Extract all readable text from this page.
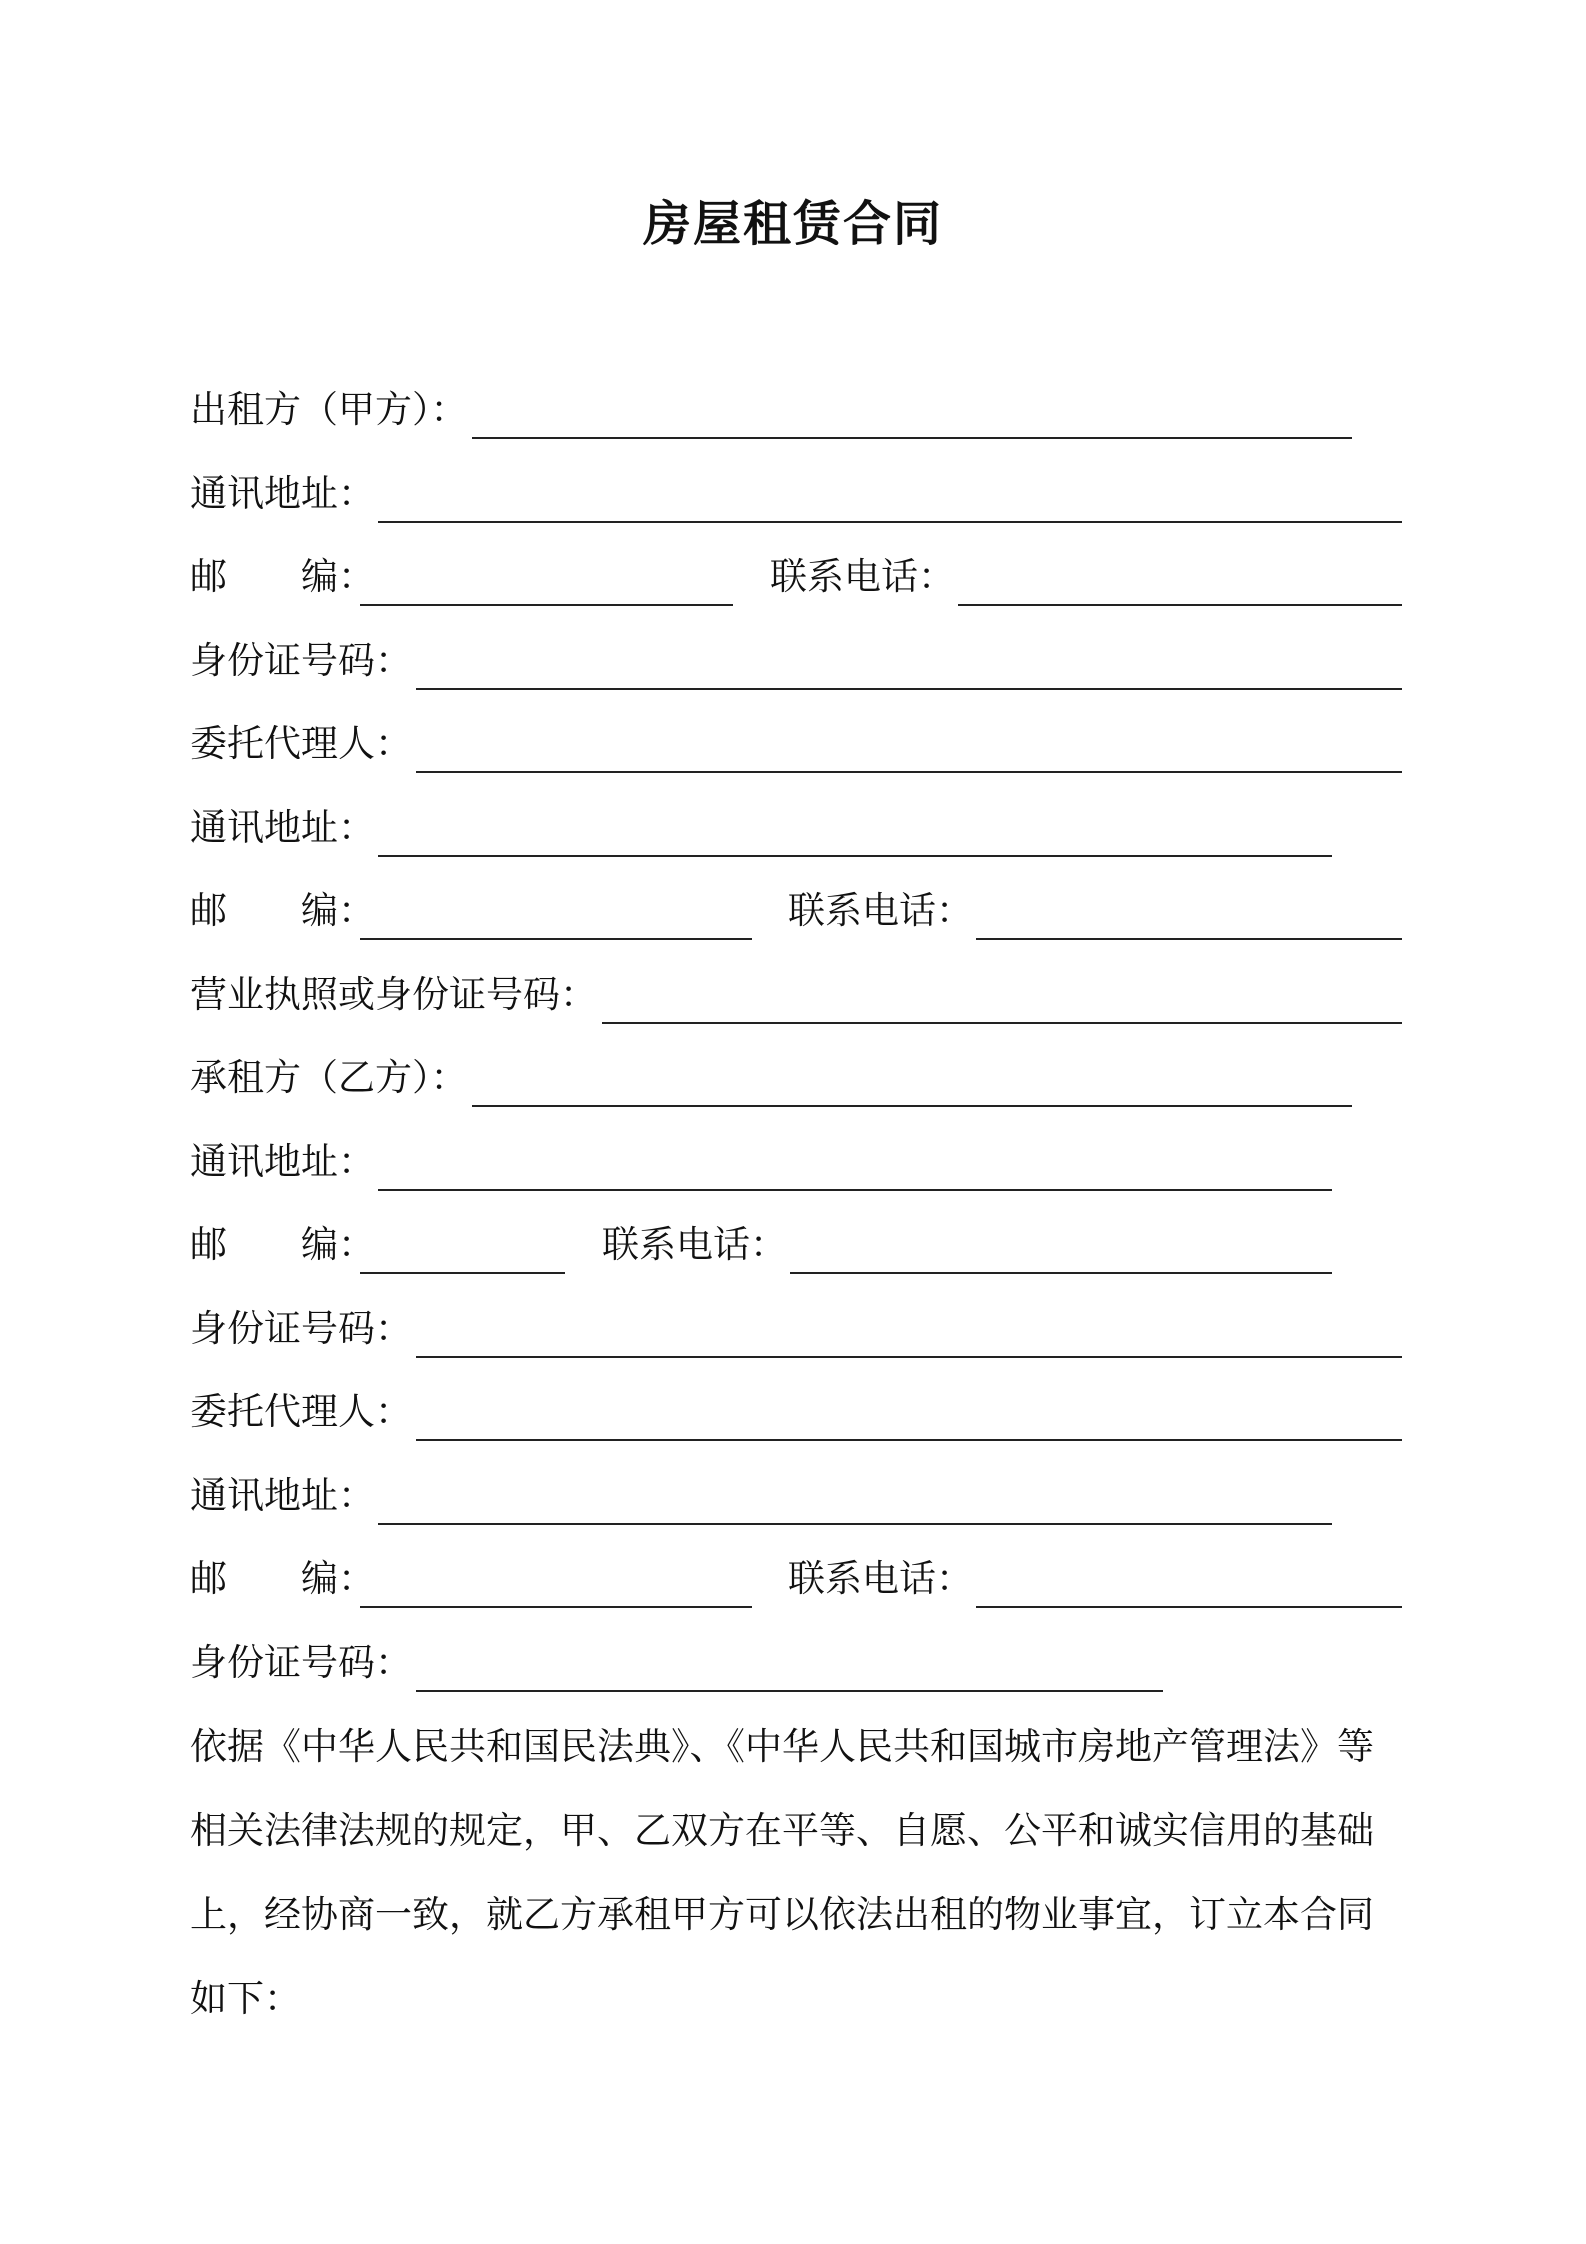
房屋租赁合同
出租方（甲方）：
通讯地址：
邮　　编：	联系电话：
身份证号码：
委托代理人：
通讯地址：
邮　　编：	联系电话：
营业执照或身份证号码：
承租方（乙方）：
通讯地址：
邮　　编：	联系电话：
身份证号码：
委托代理人：
通讯地址：
邮　　编：	联系电话：
身份证号码：
依据《中华人民共和国民法典》、《中华人民共和国城市房地产管理法》等
相关法律法规的规定，甲、乙双方在平等、自愿、公平和诚实信用的基础
上，经协商一致，就乙方承租甲方可以依法出租的物业事宜，订立本合同
如下：
